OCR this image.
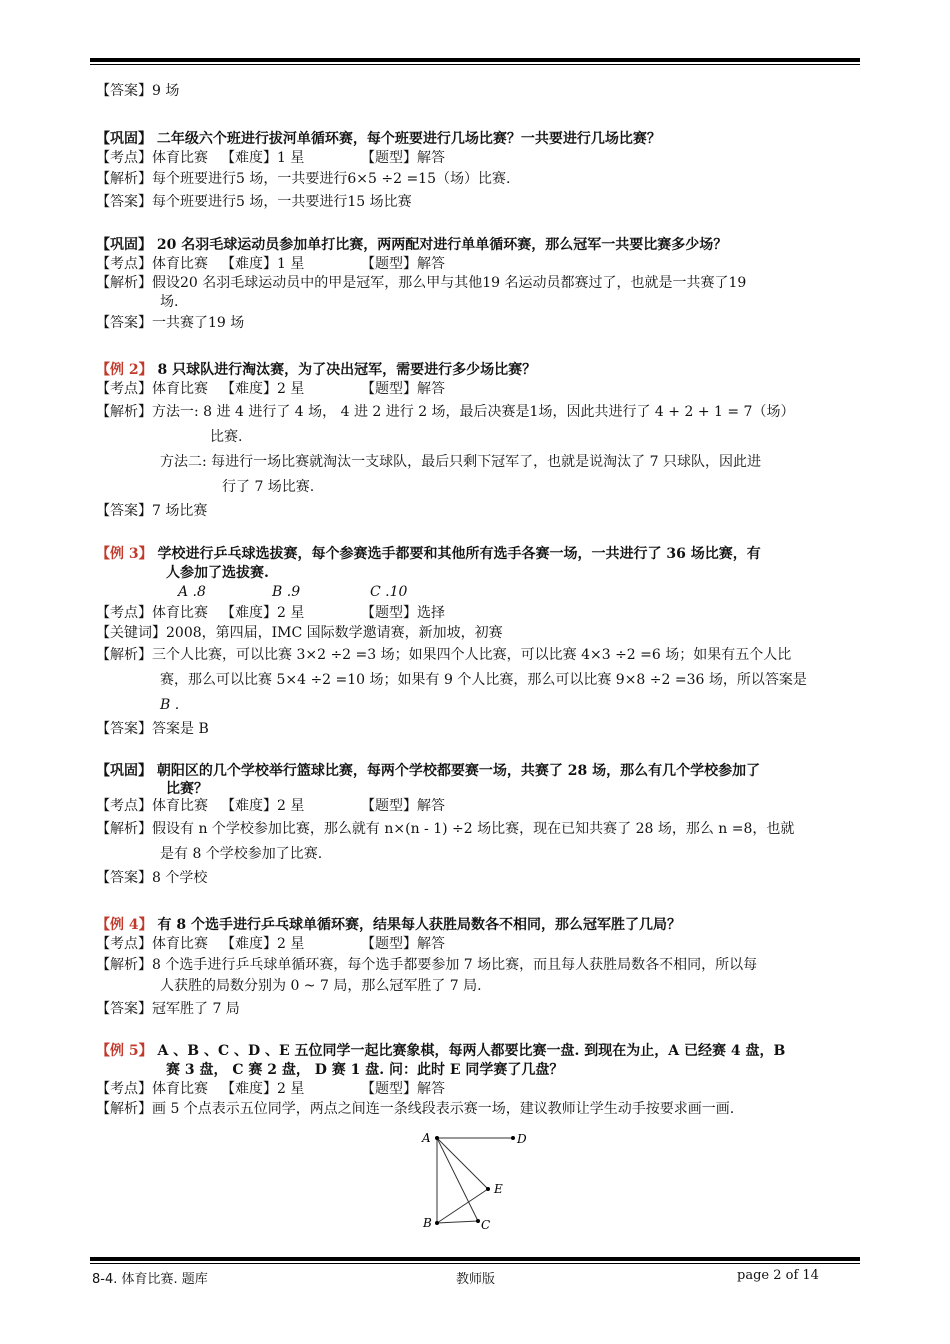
【答案】9 场
【巩固】 二年级六个班进行拔河单循环赛，每个班要进行几场比赛？一共要进行几场比赛？
【考点】体育比赛 【难度】1 星	【题型】解答
【解析】每个班要进行5 场，一共要进行6×5 ÷2 =15（场）比赛.
【答案】每个班要进行5 场，一共要进行15 场比赛
【巩固】 20 名羽毛球运动员参加单打比赛，两两配对进行单单循环赛，那么冠军一共要比赛多少场？
【考点】体育比赛 【难度】1 星	【题型】解答
【解析】假设20 名羽毛球运动员中的甲是冠军，那么甲与其他19 名运动员都赛过了，也就是一共赛了19
场.
【答案】一共赛了19 场
【例 2】 8 只球队进行淘汰赛，为了决出冠军，需要进行多少场比赛？
【考点】体育比赛 【难度】2 星	【题型】解答
【解析】方法一: 8 进 4 进行了 4 场， 4 进 2 进行 2 场，最后决赛是1场，因此共进行了 4 + 2 + 1 = 7（场）
比赛.
方法二: 每进行一场比赛就淘汰一支球队，最后只剩下冠军了，也就是说淘汰了 7 只球队，因此进
行了 7 场比赛.
【答案】7 场比赛
【例 3】 学校进行乒乓球选拔赛，每个参赛选手都要和其他所有选手各赛一场，一共进行了 36 场比赛，有
人参加了选拔赛.
A .8	B .9	C .10
【考点】体育比赛 【难度】2 星	【题型】选择
【关键词】2008，第四届，IMC 国际数学邀请赛，新加坡，初赛
【解析】三个人比赛，可以比赛 3×2 ÷2 =3 场；如果四个人比赛，可以比赛 4×3 ÷2 =6 场；如果有五个人比
赛，那么可以比赛 5×4 ÷2 =10 场；如果有 9 个人比赛，那么可以比赛 9×8 ÷2 =36 场，所以答案是
B .
【答案】答案是 B
【巩固】 朝阳区的几个学校举行篮球比赛，每两个学校都要赛一场，共赛了 28 场，那么有几个学校参加了
比赛？
【考点】体育比赛 【难度】2 星	【题型】解答
【解析】假设有 n 个学校参加比赛，那么就有 n×(n - 1) ÷2 场比赛，现在已知共赛了 28 场，那么 n =8，也就
是有 8 个学校参加了比赛.
【答案】8 个学校
【例 4】 有 8 个选手进行乒乓球单循环赛，结果每人获胜局数各不相同，那么冠军胜了几局？
【考点】体育比赛 【难度】2 星	【题型】解答
【解析】8 个选手进行乒乓球单循环赛，每个选手都要参加 7 场比赛，而且每人获胜局数各不相同，所以每
人获胜的局数分别为 0 ~ 7 局，那么冠军胜了 7 局.
【答案】冠军胜了 7 局
【例 5】 A 、B 、C 、D 、E 五位同学一起比赛象棋，每两人都要比赛一盘. 到现在为止，A 已经赛 4 盘，B
赛 3 盘， C 赛 2 盘， D 赛 1 盘. 问：此时 E 同学赛了几盘？
【考点】体育比赛 【难度】2 星	【题型】解答
【解析】画 5 个点表示五位同学，两点之间连一条线段表示赛一场，建议教师让学生动手按要求画一画.
A	D
E
B	C
8-4. 体育比赛. 题库	教师版	page 2 of 14
